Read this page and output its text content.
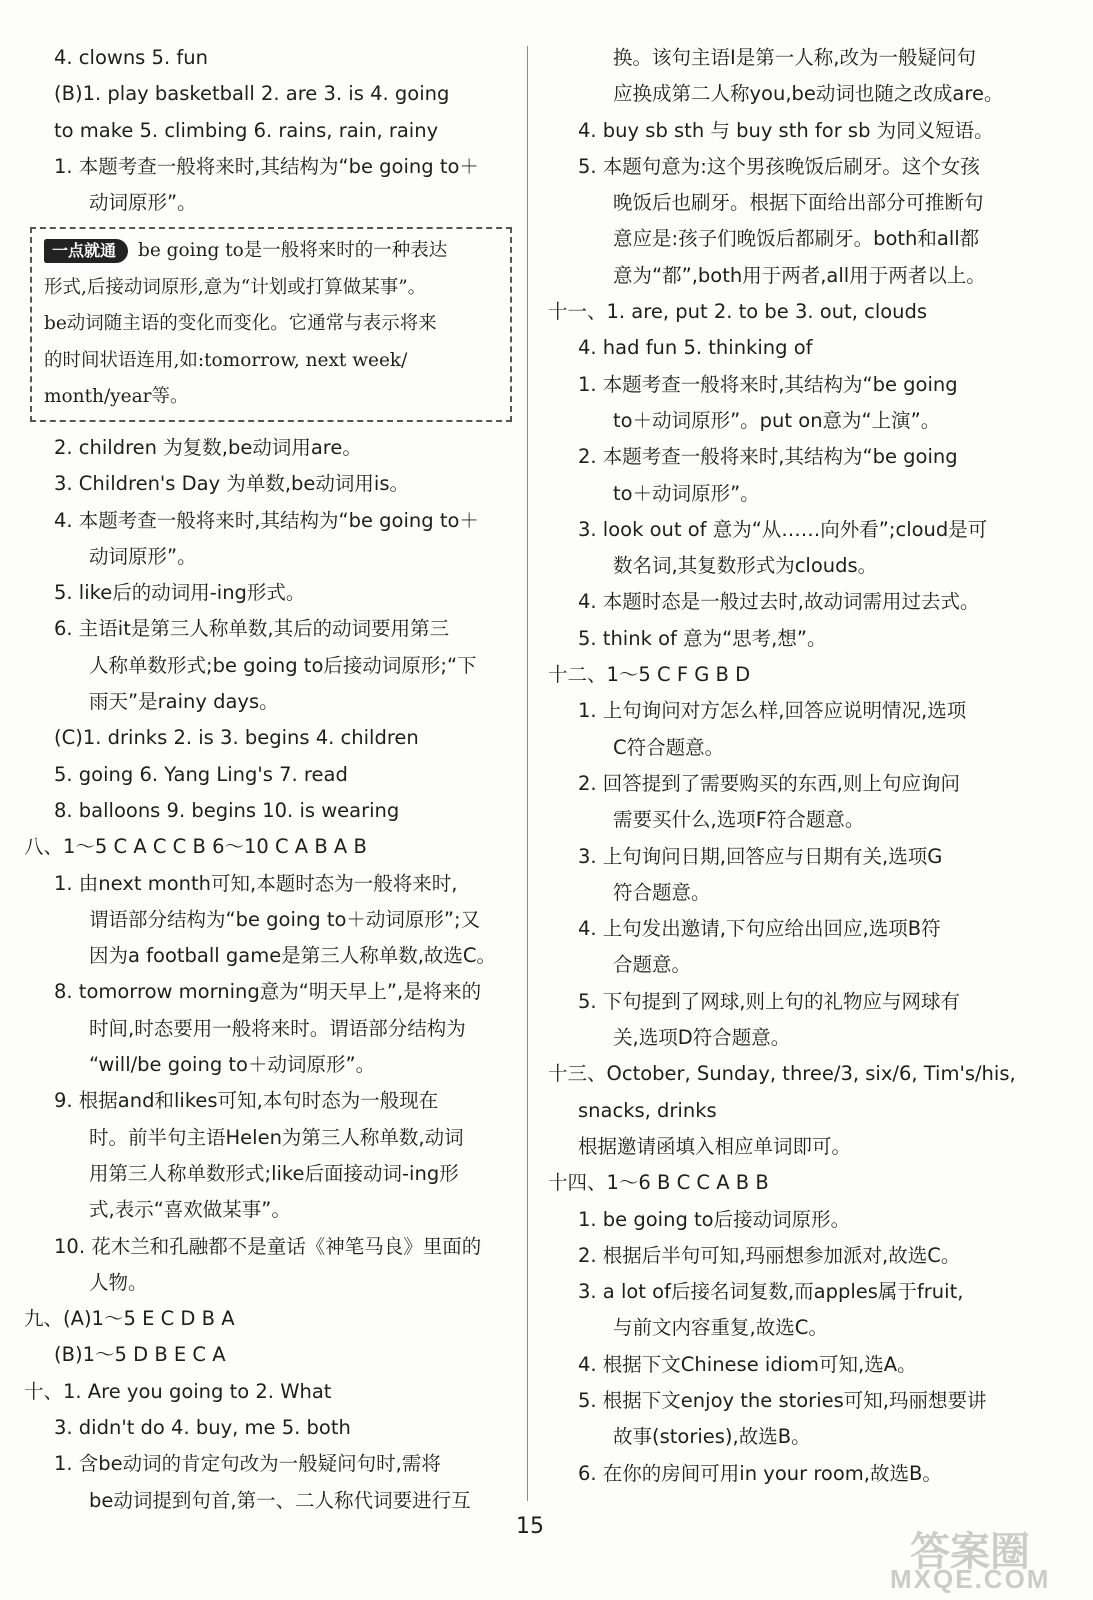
4. clowns 5. fun
(B)1. play basketball 2. are 3. is 4. going
to make 5. climbing 6. rains, rain, rainy
1. 本题考查一般将来时,其结构为“be going to＋
动词原形”。
一点就通 be going to是一般将来时的一种表达
形式,后接动词原形,意为“计划或打算做某事”。
be动词随主语的变化而变化。它通常与表示将来
的时间状语连用,如:tomorrow, next week/
month/year等。
2. children 为复数,be动词用are。
3. Children's Day 为单数,be动词用is。
4. 本题考查一般将来时,其结构为“be going to＋
动词原形”。
5. like后的动词用-ing形式。
6. 主语it是第三人称单数,其后的动词要用第三
人称单数形式;be going to后接动词原形;“下
雨天”是rainy days。
(C)1. drinks 2. is 3. begins 4. children
5. going 6. Yang Ling's 7. read
8. balloons 9. begins 10. is wearing
八、1～5 C A C C B 6～10 C A B A B
1. 由next month可知,本题时态为一般将来时,
谓语部分结构为“be going to＋动词原形”;又
因为a football game是第三人称单数,故选C。
8. tomorrow morning意为“明天早上”,是将来的
时间,时态要用一般将来时。谓语部分结构为
“will/be going to＋动词原形”。
9. 根据and和likes可知,本句时态为一般现在
时。前半句主语Helen为第三人称单数,动词
用第三人称单数形式;like后面接动词-ing形
式,表示“喜欢做某事”。
10. 花木兰和孔融都不是童话《神笔马良》里面的
人物。
九、(A)1～5 E C D B A
(B)1～5 D B E C A
十、1. Are you going to 2. What
3. didn't do 4. buy, me 5. both
1. 含be动词的肯定句改为一般疑问句时,需将
be动词提到句首,第一、二人称代词要进行互
换。该句主语I是第一人称,改为一般疑问句
应换成第二人称you,be动词也随之改成are。
4. buy sb sth 与 buy sth for sb 为同义短语。
5. 本题句意为:这个男孩晚饭后刷牙。这个女孩
晚饭后也刷牙。根据下面给出部分可推断句
意应是:孩子们晚饭后都刷牙。both和all都
意为“都”,both用于两者,all用于两者以上。
十一、1. are, put 2. to be 3. out, clouds
4. had fun 5. thinking of
1. 本题考查一般将来时,其结构为“be going
to＋动词原形”。put on意为“上演”。
2. 本题考查一般将来时,其结构为“be going
to＋动词原形”。
3. look out of 意为“从……向外看”;cloud是可
数名词,其复数形式为clouds。
4. 本题时态是一般过去时,故动词需用过去式。
5. think of 意为“思考,想”。
十二、1～5 C F G B D
1. 上句询问对方怎么样,回答应说明情况,选项
C符合题意。
2. 回答提到了需要购买的东西,则上句应询问
需要买什么,选项F符合题意。
3. 上句询问日期,回答应与日期有关,选项G
符合题意。
4. 上句发出邀请,下句应给出回应,选项B符
合题意。
5. 下句提到了网球,则上句的礼物应与网球有
关,选项D符合题意。
十三、October, Sunday, three/3, six/6, Tim's/his,
snacks, drinks
根据邀请函填入相应单词即可。
十四、1～6 B C C A B B
1. be going to后接动词原形。
2. 根据后半句可知,玛丽想参加派对,故选C。
3. a lot of后接名词复数,而apples属于fruit,
与前文内容重复,故选C。
4. 根据下文Chinese idiom可知,选A。
5. 根据下文enjoy the stories可知,玛丽想要讲
故事(stories),故选B。
6. 在你的房间可用in your room,故选B。
15
答案圈
MXQE.COM
